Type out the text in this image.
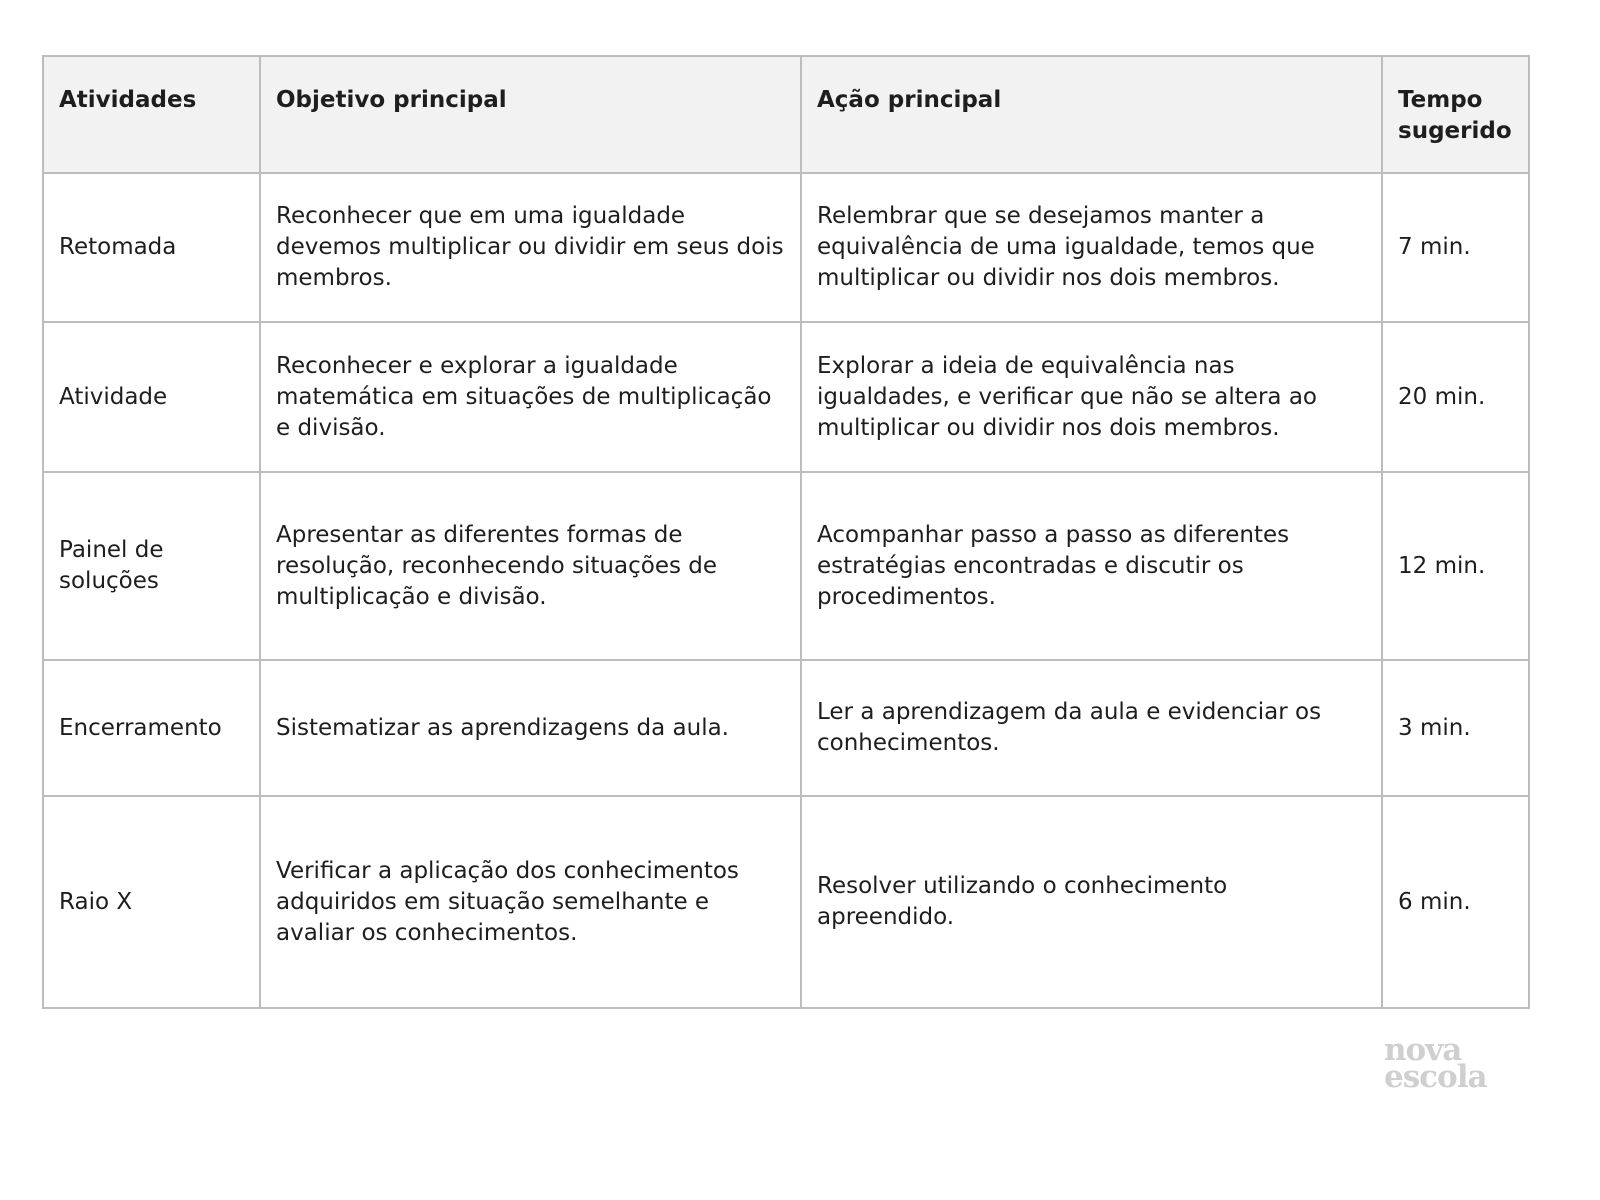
Atividades	Objetivo principal	Ação principal	Tempo sugerido
Retomada	Reconhecer que em uma igualdade devemos multiplicar ou dividir em seus dois membros.	Relembrar que se desejamos manter a equivalência de uma igualdade, temos que multiplicar ou dividir nos dois membros.	7 min.
Atividade	Reconhecer e explorar a igualdade matemática em situações de multiplicação e divisão.	Explorar a ideia de equivalência nas igualdades, e verificar que não se altera ao multiplicar ou dividir nos dois membros.	20 min.
Painel de soluções	Apresentar as diferentes formas de resolução, reconhecendo situações de multiplicação e divisão.	Acompanhar passo a passo as diferentes estratégias encontradas e discutir os procedimentos.	12 min.
Encerramento	Sistematizar as aprendizagens da aula.	Ler a aprendizagem da aula e evidenciar os conhecimentos.	3 min.
Raio X	Verificar a aplicação dos conhecimentos adquiridos em situação semelhante e avaliar os conhecimentos.	Resolver utilizando o conhecimento apreendido.	6 min.
nova
escola
